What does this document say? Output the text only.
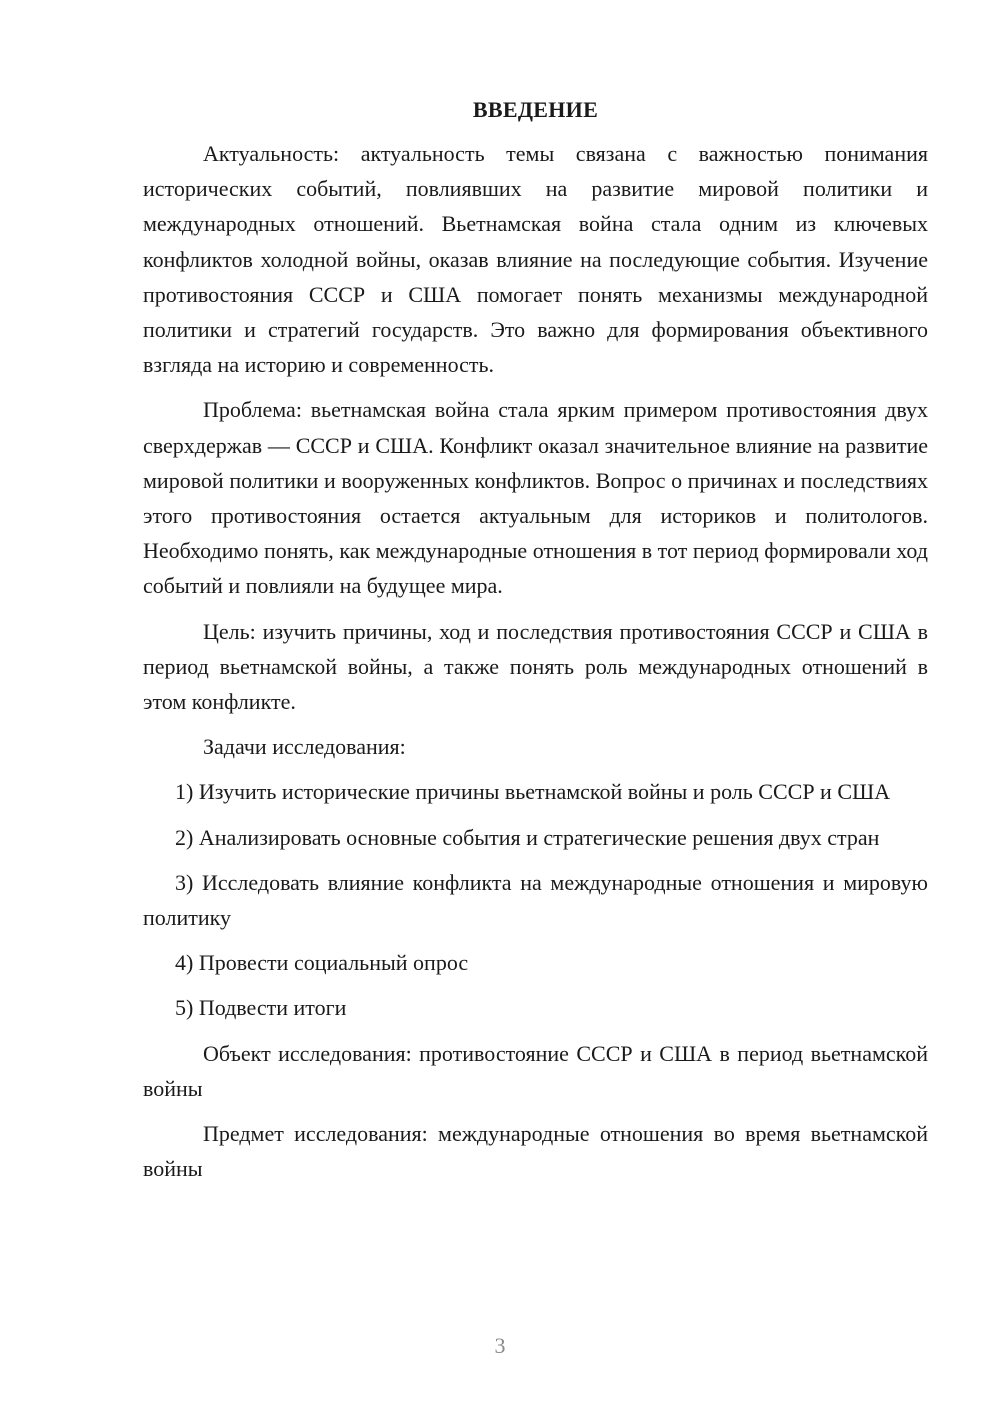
ВВЕДЕНИЕ

Актуальность: актуальность темы связана с важностью понимания исторических событий, повлиявших на развитие мировой политики и международных отношений. Вьетнамская война стала одним из ключевых конфликтов холодной войны, оказав влияние на последующие события. Изучение противостояния СССР и США помогает понять механизмы международной политики и стратегий государств. Это важно для формирования объективного взгляда на историю и современность.

Проблема: вьетнамская война стала ярким примером противостояния двух сверхдержав — СССР и США. Конфликт оказал значительное влияние на развитие мировой политики и вооруженных конфликтов. Вопрос о причинах и последствиях этого противостояния остается актуальным для историков и политологов. Необходимо понять, как международные отношения в тот период формировали ход событий и повлияли на будущее мира.

Цель: изучить причины, ход и последствия противостояния СССР и США в период вьетнамской войны, а также понять роль международных отношений в этом конфликте.

Задачи исследования:

1) Изучить исторические причины вьетнамской войны и роль СССР и США

2) Анализировать основные события и стратегические решения двух стран

3) Исследовать влияние конфликта на международные отношения и мировую политику

4) Провести социальный опрос

5) Подвести итоги

Объект исследования: противостояние СССР и США в период вьетнамской войны

Предмет исследования: международные отношения во время вьетнамской войны

3
